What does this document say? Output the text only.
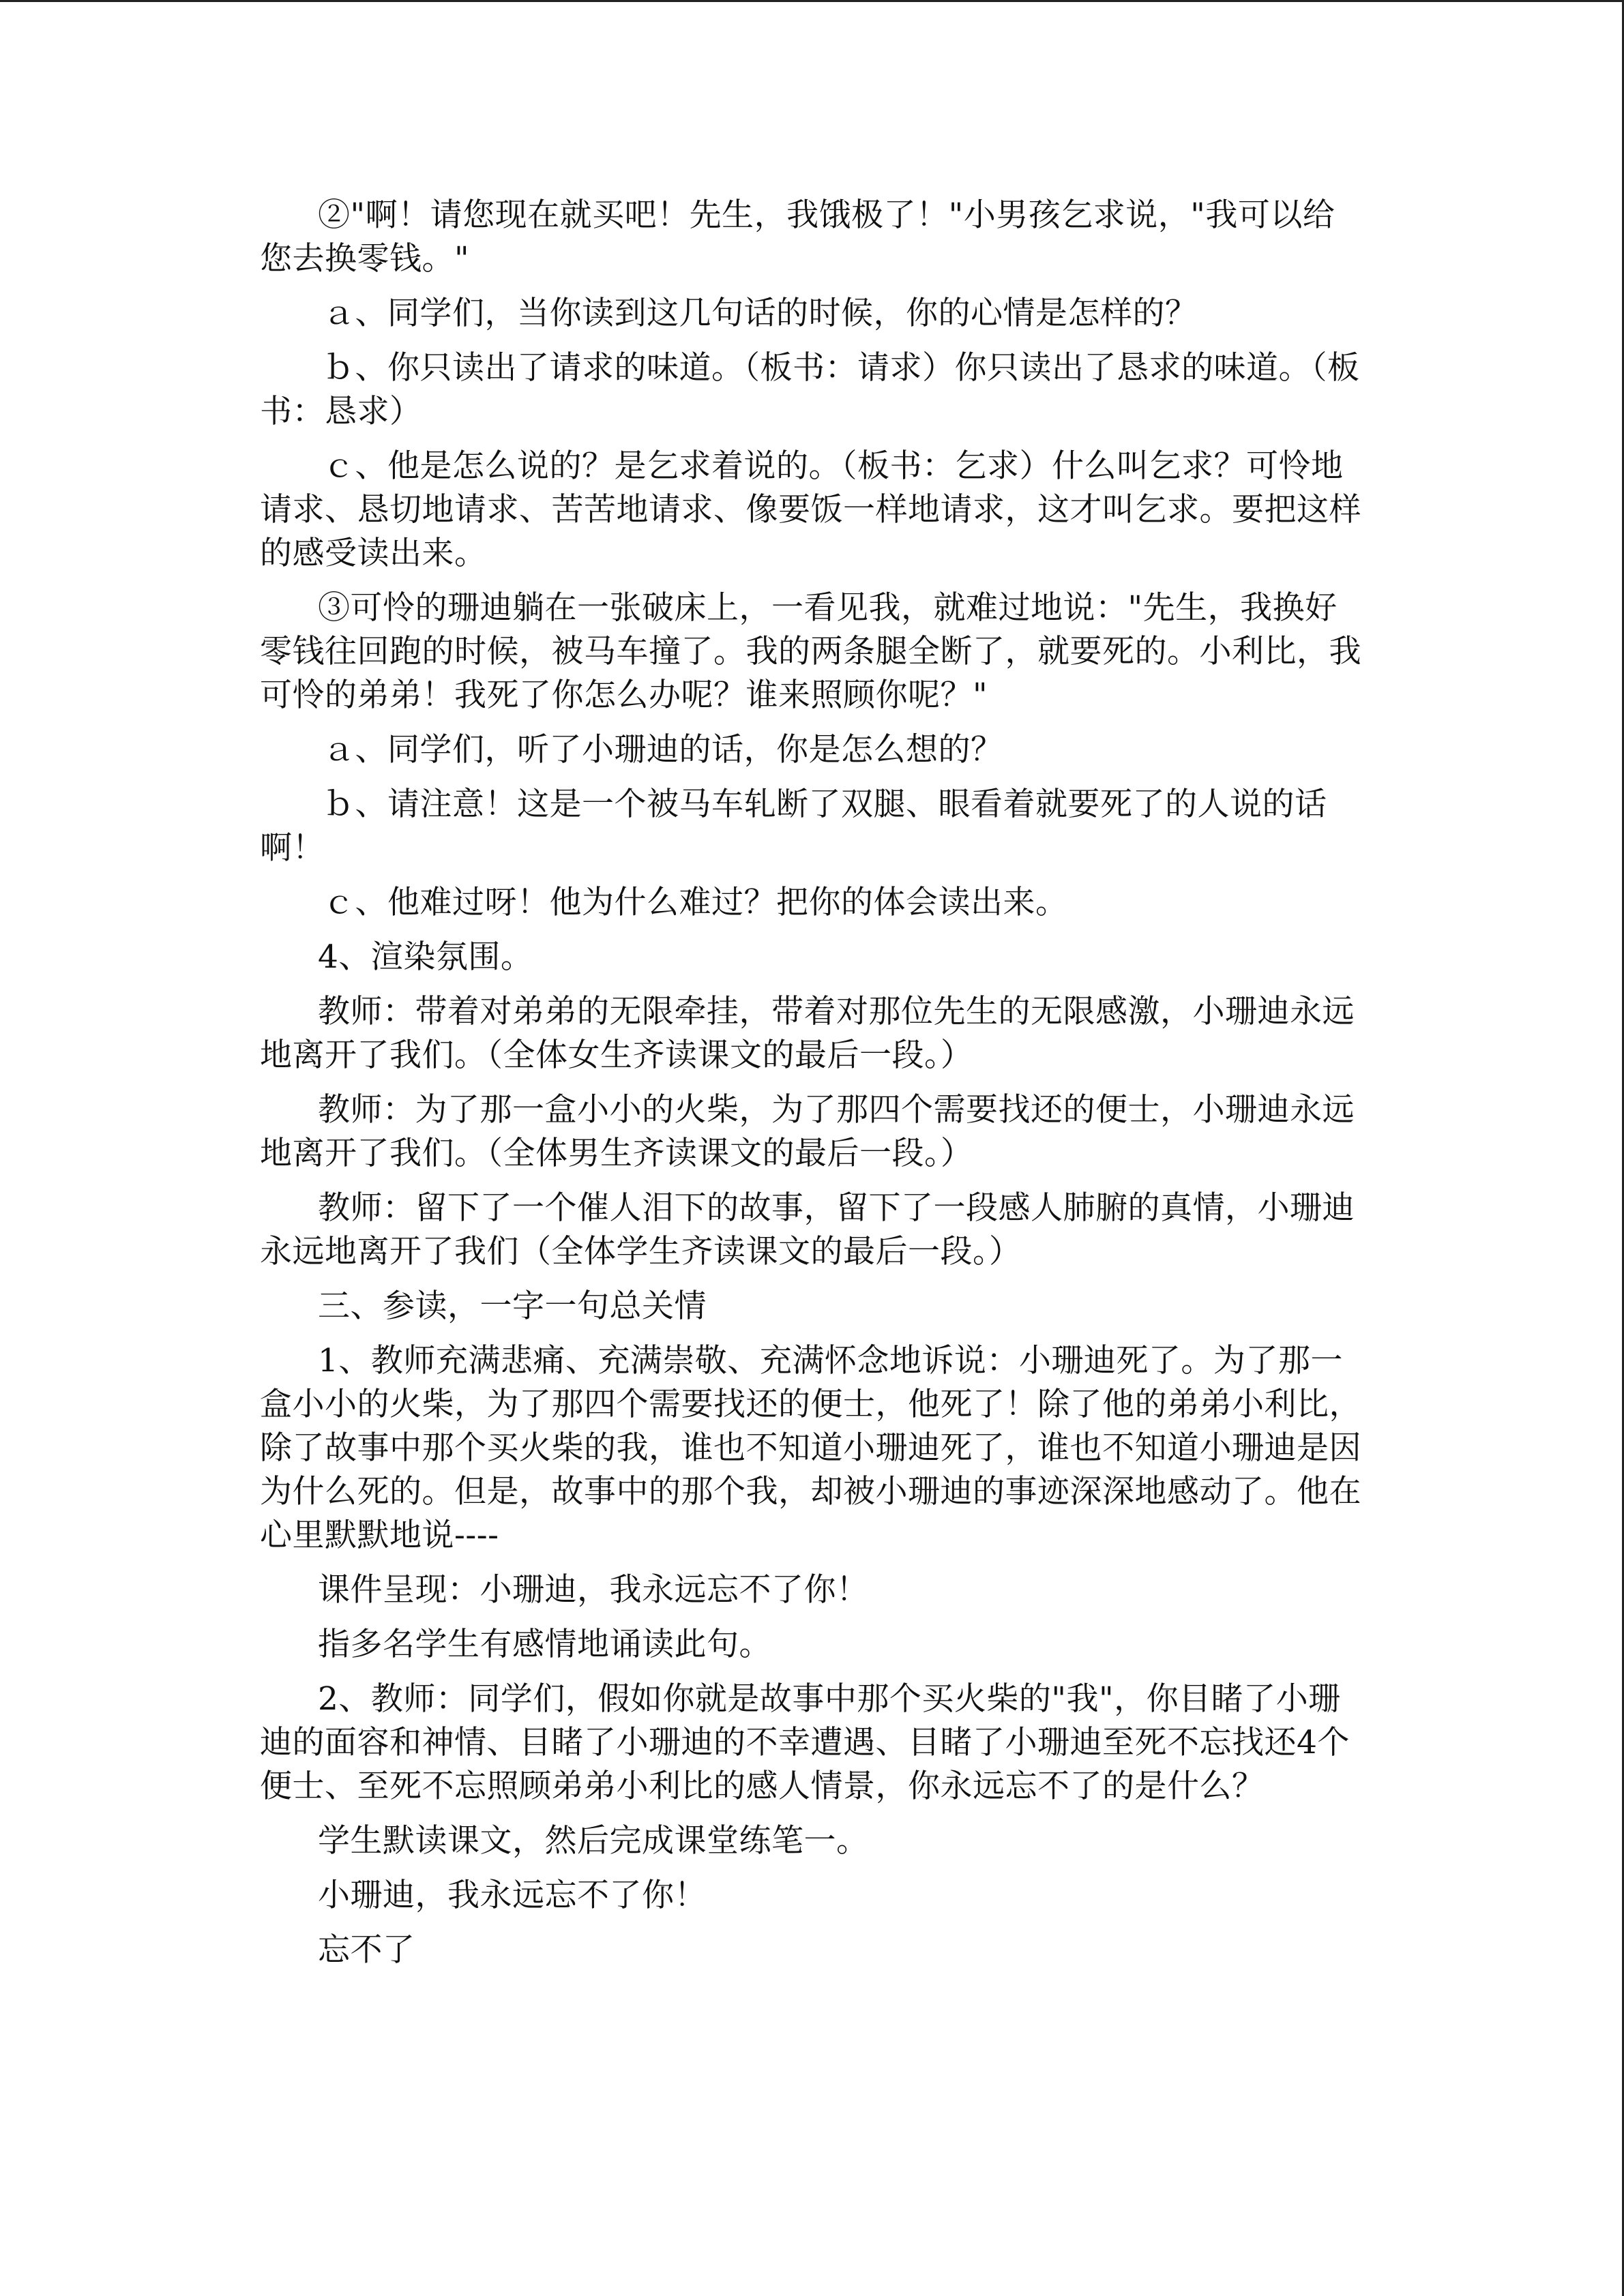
②"啊！请您现在就买吧！先生，我饿极了！"小男孩乞求说，"我可以给您去换零钱。"

ａ、同学们，当你读到这几句话的时候，你的心情是怎样的？

ｂ、你只读出了请求的味道。（板书：请求）你只读出了恳求的味道。（板书：恳求）

ｃ、他是怎么说的？是乞求着说的。（板书：乞求）什么叫乞求？可怜地请求、恳切地请求、苦苦地请求、像要饭一样地请求，这才叫乞求。要把这样的感受读出来。

③可怜的珊迪躺在一张破床上，一看见我，就难过地说："先生，我换好零钱往回跑的时候，被马车撞了。我的两条腿全断了，就要死的。小利比，我可怜的弟弟！我死了你怎么办呢？谁来照顾你呢？"

ａ、同学们，听了小珊迪的话，你是怎么想的？

ｂ、请注意！这是一个被马车轧断了双腿、眼看着就要死了的人说的话啊！

ｃ、他难过呀！他为什么难过？把你的体会读出来。

4、渲染氛围。

教师：带着对弟弟的无限牵挂，带着对那位先生的无限感激，小珊迪永远地离开了我们。（全体女生齐读课文的最后一段。）

教师：为了那一盒小小的火柴，为了那四个需要找还的便士，小珊迪永远地离开了我们。（全体男生齐读课文的最后一段。）

教师：留下了一个催人泪下的故事，留下了一段感人肺腑的真情，小珊迪永远地离开了我们（全体学生齐读课文的最后一段。）

三、参读，一字一句总关情

1、教师充满悲痛、充满崇敬、充满怀念地诉说：小珊迪死了。为了那一盒小小的火柴，为了那四个需要找还的便士，他死了！除了他的弟弟小利比，除了故事中那个买火柴的我，谁也不知道小珊迪死了，谁也不知道小珊迪是因为什么死的。但是，故事中的那个我，却被小珊迪的事迹深深地感动了。他在心里默默地说----

课件呈现：小珊迪，我永远忘不了你！

指多名学生有感情地诵读此句。

2、教师：同学们，假如你就是故事中那个买火柴的"我"，你目睹了小珊迪的面容和神情、目睹了小珊迪的不幸遭遇、目睹了小珊迪至死不忘找还4个便士、至死不忘照顾弟弟小利比的感人情景，你永远忘不了的是什么？

学生默读课文，然后完成课堂练笔一。

小珊迪，我永远忘不了你！

忘不了
